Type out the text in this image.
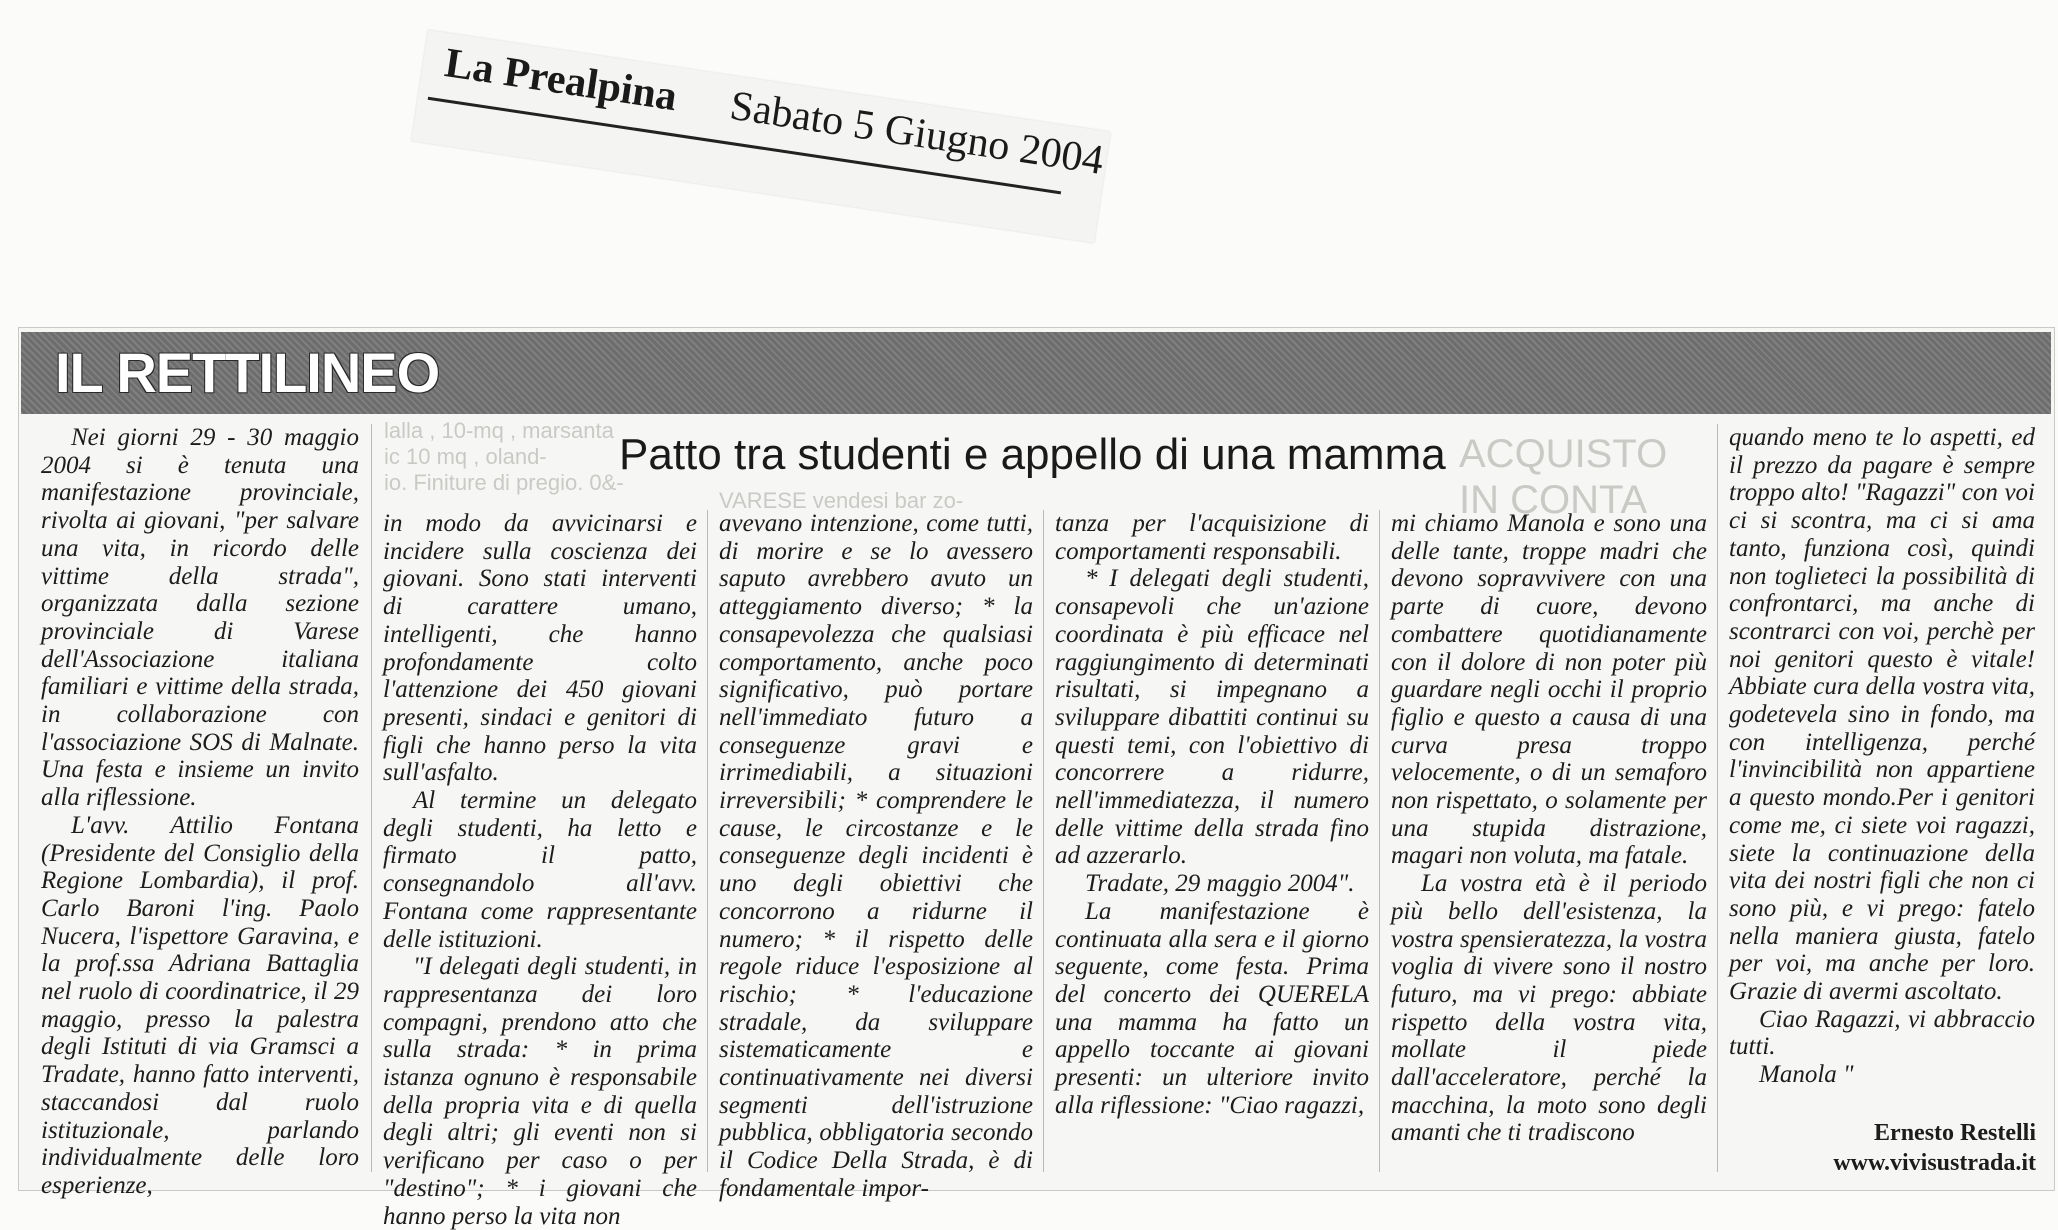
La Prealpina Sabato 5 Giugno 2004
IL RETTILINEO
lalla , 10-mq , marsanta
ic 10 mq , oland-
io. Finiture di pregio. 0&-
VARESE vendesi bar zo-
ACQUISTO
IN CONTA
Patto tra studenti e appello di una mamma

Nei giorni 29 - 30 maggio 2004 si è tenuta una manifestazione provinciale, rivolta ai giovani, "per salvare una vita, in ricordo delle vittime della strada", organizzata dalla sezione provinciale di Varese dell'Associazione italiana familiari e vittime della strada, in collaborazione con l'associazione SOS di Malnate. Una festa e insieme un invito alla riflessione.

L'avv. Attilio Fontana (Presidente del Consiglio della Regione Lombardia), il prof. Carlo Baroni l'ing. Paolo Nucera, l'ispettore Garavina, e la prof.ssa Adriana Battaglia nel ruolo di coordinatrice, il 29 maggio, presso la palestra degli Istituti di via Gramsci a Tradate, hanno fatto interventi, staccandosi dal ruolo istituzionale, parlando individualmente delle loro esperienze,

in modo da avvicinarsi e incidere sulla coscienza dei giovani. Sono stati interventi di carattere umano, intelligenti, che hanno profondamente colto l'attenzione dei 450 giovani presenti, sindaci e genitori di figli che hanno perso la vita sull'asfalto.

Al termine un delegato degli studenti, ha letto e firmato il patto, consegnandolo all'avv. Fontana come rappresentante delle istituzioni.

"I delegati degli studenti, in rappresentanza dei loro compagni, prendono atto che sulla strada: * in prima istanza ognuno è responsabile della propria vita e di quella degli altri; gli eventi non si verificano per caso o per "destino"; * i giovani che hanno perso la vita non

avevano intenzione, come tutti, di morire e se lo avessero saputo avrebbero avuto un atteggiamento diverso; * la consapevolezza che qualsiasi comportamento, anche poco significativo, può portare nell'immediato futuro a conseguenze gravi e irrimediabili, a situazioni irreversibili; * comprendere le cause, le circostanze e le conseguenze degli incidenti è uno degli obiettivi che concorrono a ridurne il numero; * il rispetto delle regole riduce l'esposizione al rischio; * l'educazione stradale, da sviluppare sistematicamente e continuativamente nei diversi segmenti dell'istruzione pubblica, obbligatoria secondo il Codice Della Strada, è di fondamentale impor-

tanza per l'acquisizione di comportamenti responsabili.

* I delegati degli studenti, consapevoli che un'azione coordinata è più efficace nel raggiungimento di determinati risultati, si impegnano a sviluppare dibattiti continui su questi temi, con l'obiettivo di concorrere a ridurre, nell'immediatezza, il numero delle vittime della strada fino ad azzerarlo.

Tradate, 29 maggio 2004".

La manifestazione è continuata alla sera e il giorno seguente, come festa. Prima del concerto dei QUERELA una mamma ha fatto un appello toccante ai giovani presenti: un ulteriore invito alla riflessione: "Ciao ragazzi,

mi chiamo Manola e sono una delle tante, troppe madri che devono sopravvivere con una parte di cuore, devono combattere quotidianamente con il dolore di non poter più guardare negli occhi il proprio figlio e questo a causa di una curva presa troppo velocemente, o di un semaforo non rispettato, o solamente per una stupida distrazione, magari non voluta, ma fatale.

La vostra età è il periodo più bello dell'esistenza, la vostra spensieratezza, la vostra voglia di vivere sono il nostro futuro, ma vi prego: abbiate rispetto della vostra vita, mollate il piede dall'acceleratore, perché la macchina, la moto sono degli amanti che ti tradiscono

quando meno te lo aspetti, ed il prezzo da pagare è sempre troppo alto! "Ragazzi" con voi ci si scontra, ma ci si ama tanto, funziona così, quindi non toglieteci la possibilità di confrontarci, ma anche di scontrarci con voi, perchè per noi genitori questo è vitale! Abbiate cura della vostra vita, godetevela sino in fondo, ma con intelligenza, perché l'invincibilità non appartiene a questo mondo.Per i genitori come me, ci siete voi ragazzi, siete la continuazione della vita dei nostri figli che non ci sono più, e vi prego: fatelo nella maniera giusta, fatelo per voi, ma anche per loro. Grazie di avermi ascoltato.

Ciao Ragazzi, vi abbraccio tutti.

Manola "

Ernesto Restelli
www.vivisustrada.it
